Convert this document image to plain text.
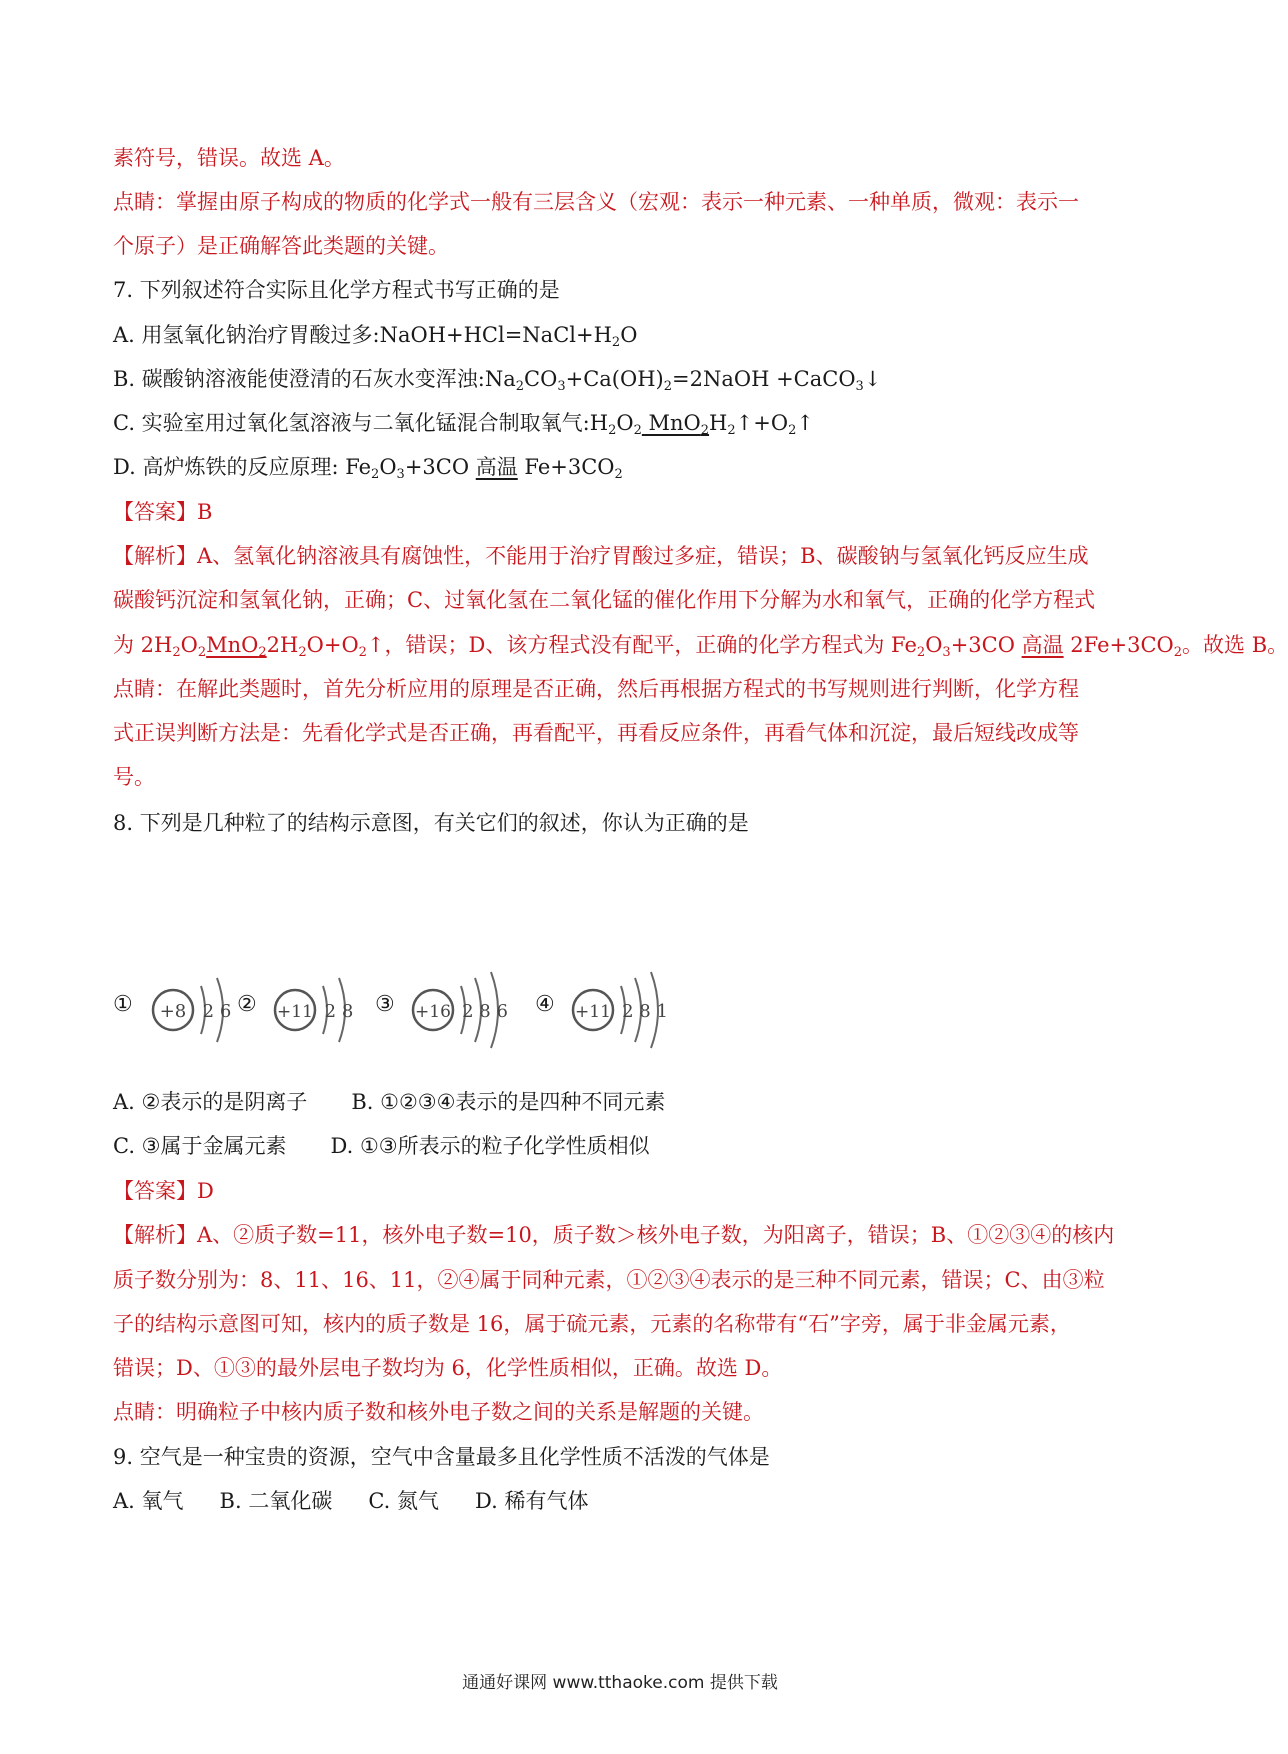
素符号，错误。故选 A。
点睛：掌握由原子构成的物质的化学式一般有三层含义（宏观：表示一种元素、一种单质，微观：表示一
个原子）是正确解答此类题的关键。
7. 下列叙述符合实际且化学方程式书写正确的是
A. 用氢氧化钠治疗胃酸过多$:NaOH+HCl=NaCl+H_2O$
B. 碳酸钠溶液能使澄清的石灰水变浑浊$:Na_2CO_3+Ca(OH)_2=2NaOH$ +CaCO$_3$↓
C. 实验室用过氧化氢溶液与二氧化锰混合制取氧气$:H_2O_2$ $MnO_2H_2↑+O_2↑$
D. 高炉炼铁的反应原理: $Fe_2O_3+3CO$ 高温 $Fe+3CO_2$
【答案】B
【解析】A、氢氧化钠溶液具有腐蚀性，不能用于治疗胃酸过多症，错误；B、碳酸钠与氢氧化钙反应生成
碳酸钙沉淀和氢氧化钠，正确；C、过氧化氢在二氧化锰的催化作用下分解为水和氧气，正确的化学方程式
为 $2H_2O_2MnO_22H_2O+O_2↑$，错误；D、该方程式没有配平，正确的化学方程式为 $Fe_2O_3+3CO$ 高温 $2Fe+3CO_2$。故选 B。
点睛：在解此类题时，首先分析应用的原理是否正确，然后再根据方程式的书写规则进行判断，化学方程
式正误判断方法是：先看化学式是否正确，再看配平，再看反应条件，再看气体和沉淀，最后短线改成等
号。
8. 下列是几种粒了的结构示意图，有关它们的叙述，你认为正确的是
① +8 2 6 ② +11 2 8 ③ +16 2 8 6 ④ +11 2 8 1
A. ②表示的是阴离子 B. ①②③④表示的是四种不同元素
C. ③属于金属元素 D. ①③所表示的粒子化学性质相似
【答案】D
【解析】A、②质子数=11，核外电子数=10，质子数＞核外电子数，为阳离子，错误；B、①②③④的核内
质子数分别为：8、11、16、11，②④属于同种元素，①②③④表示的是三种不同元素，错误；C、由③粒
子的结构示意图可知，核内的质子数是 16，属于硫元素，元素的名称带有“石”字旁，属于非金属元素，
错误；D、①③的最外层电子数均为 6，化学性质相似，正确。故选 D。
点睛：明确粒子中核内质子数和核外电子数之间的关系是解题的关键。
9. 空气是一种宝贵的资源，空气中含量最多且化学性质不活泼的气体是
A. 氧气 B. 二氧化碳 C. 氮气 D. 稀有气体
通通好课网 www.tthaoke.com 提供下载
